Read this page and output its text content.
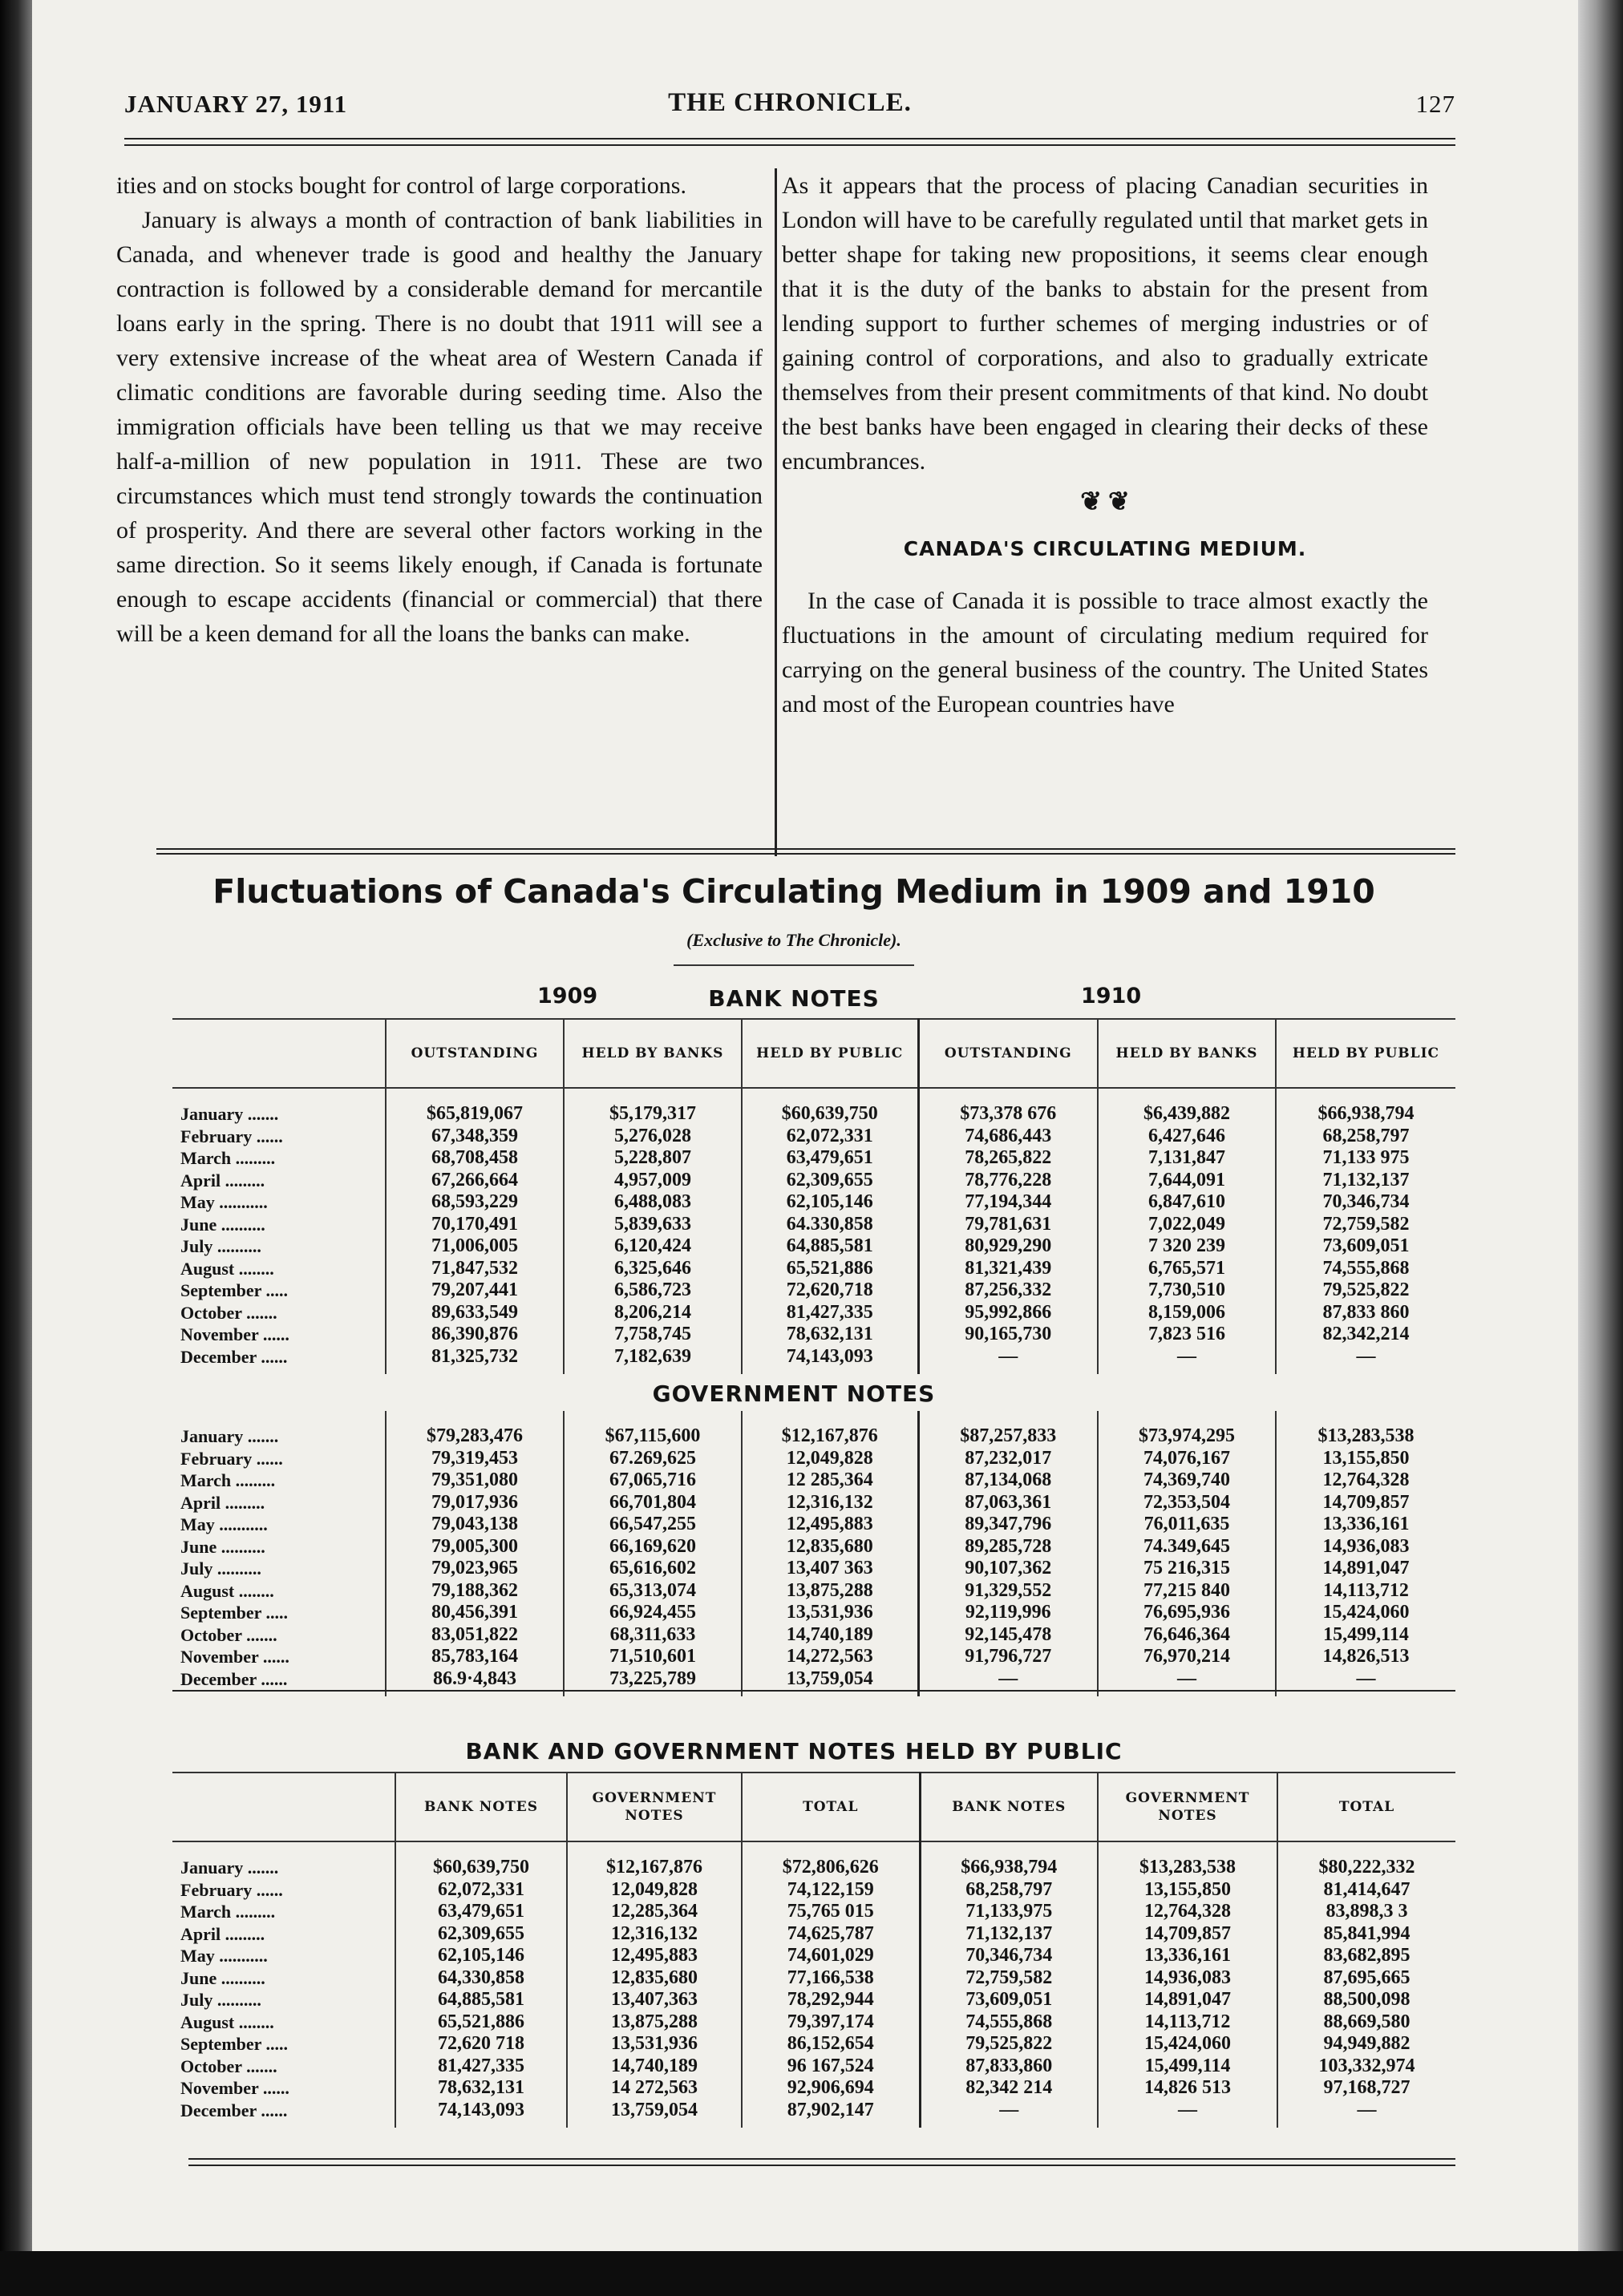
JANUARY 27, 1911	THE CHRONICLE.	127

ities and on stocks bought for control of large corporations.

January is always a month of contraction of bank liabilities in Canada, and whenever trade is good and healthy the January contraction is followed by a considerable demand for mercantile loans early in the spring. There is no doubt that 1911 will see a very extensive increase of the wheat area of Western Canada if climatic conditions are favorable during seeding time. Also the immigration officials have been telling us that we may receive half-a-million of new population in 1911. These are two circumstances which must tend strongly towards the continuation of prosperity. And there are several other factors working in the same direction. So it seems likely enough, if Canada is fortunate enough to escape accidents (financial or commercial) that there will be a keen demand for all the loans the banks can make.

As it appears that the process of placing Canadian securities in London will have to be carefully regulated until that market gets in better shape for taking new propositions, it seems clear enough that it is the duty of the banks to abstain for the present from lending support to further schemes of merging industries or of gaining control of corporations, and also to gradually extricate themselves from their present commitments of that kind. No doubt the best banks have been engaged in clearing their decks of these encumbrances.

❦ ❦
CANADA'S CIRCULATING MEDIUM.

In the case of Canada it is possible to trace almost exactly the fluctuations in the amount of circulating medium required for carrying on the general business of the country. The United States and most of the European countries have

Fluctuations of Canada's Circulating Medium in 1909 and 1910
(Exclusive to The Chronicle).
1909	BANK NOTES	1910
	OUTSTANDING	HELD BY BANKS	HELD BY PUBLIC	OUTSTANDING	HELD BY BANKS	HELD BY PUBLIC
January .......	$65,819,067	$5,179,317	$60,639,750	$73,378 676	$6,439,882	$66,938,794
February ......	67,348,359	5,276,028	62,072,331	74,686,443	6,427,646	68,258,797
March .........	68,708,458	5,228,807	63,479,651	78,265,822	7,131,847	71,133 975
April .........	67,266,664	4,957,009	62,309,655	78,776,228	7,644,091	71,132,137
May ...........	68,593,229	6,488,083	62,105,146	77,194,344	6,847,610	70,346,734
June ..........	70,170,491	5,839,633	64.330,858	79,781,631	7,022,049	72,759,582
July ..........	71,006,005	6,120,424	64,885,581	80,929,290	7 320 239	73,609,051
August ........	71,847,532	6,325,646	65,521,886	81,321,439	6,765,571	74,555,868
September .....	79,207,441	6,586,723	72,620,718	87,256,332	7,730,510	79,525,822
October .......	89,633,549	8,206,214	81,427,335	95,992,866	8,159,006	87,833 860
November ......	86,390,876	7,758,745	78,632,131	90,165,730	7,823 516	82,342,214
December ......	81,325,732	7,182,639	74,143,093	—	—	—
GOVERNMENT NOTES
January .......	$79,283,476	$67,115,600	$12,167,876	$87,257,833	$73,974,295	$13,283,538
February ......	79,319,453	67.269,625	12,049,828	87,232,017	74,076,167	13,155,850
March .........	79,351,080	67,065,716	12 285,364	87,134,068	74,369,740	12,764,328
April .........	79,017,936	66,701,804	12,316,132	87,063,361	72,353,504	14,709,857
May ...........	79,043,138	66,547,255	12,495,883	89,347,796	76,011,635	13,336,161
June ..........	79,005,300	66,169,620	12,835,680	89,285,728	74.349,645	14,936,083
July ..........	79,023,965	65,616,602	13,407 363	90,107,362	75 216,315	14,891,047
August ........	79,188,362	65,313,074	13,875,288	91,329,552	77,215 840	14,113,712
September .....	80,456,391	66,924,455	13,531,936	92,119,996	76,695,936	15,424,060
October .......	83,051,822	68,311,633	14,740,189	92,145,478	76,646,364	15,499,114
November ......	85,783,164	71,510,601	14,272,563	91,796,727	76,970,214	14,826,513
December ......	86.9·4,843	73,225,789	13,759,054	—	—	—
BANK AND GOVERNMENT NOTES HELD BY PUBLIC
	BANK NOTES	GOVERNMENT NOTES	TOTAL	BANK NOTES	GOVERNMENT NOTES	TOTAL
January .......	$60,639,750	$12,167,876	$72,806,626	$66,938,794	$13,283,538	$80,222,332
February ......	62,072,331	12,049,828	74,122,159	68,258,797	13,155,850	81,414,647
March .........	63,479,651	12,285,364	75,765 015	71,133,975	12,764,328	83,898,3 3
April .........	62,309,655	12,316,132	74,625,787	71,132,137	14,709,857	85,841,994
May ...........	62,105,146	12,495,883	74,601,029	70,346,734	13,336,161	83,682,895
June ..........	64,330,858	12,835,680	77,166,538	72,759,582	14,936,083	87,695,665
July ..........	64,885,581	13,407,363	78,292,944	73,609,051	14,891,047	88,500,098
August ........	65,521,886	13,875,288	79,397,174	74,555,868	14,113,712	88,669,580
September .....	72,620 718	13,531,936	86,152,654	79,525,822	15,424,060	94,949,882
October .......	81,427,335	14,740,189	96 167,524	87,833,860	15,499,114	103,332,974
November ......	78,632,131	14 272,563	92,906,694	82,342 214	14,826 513	97,168,727
December ......	74,143,093	13,759,054	87,902,147	—	—	—
